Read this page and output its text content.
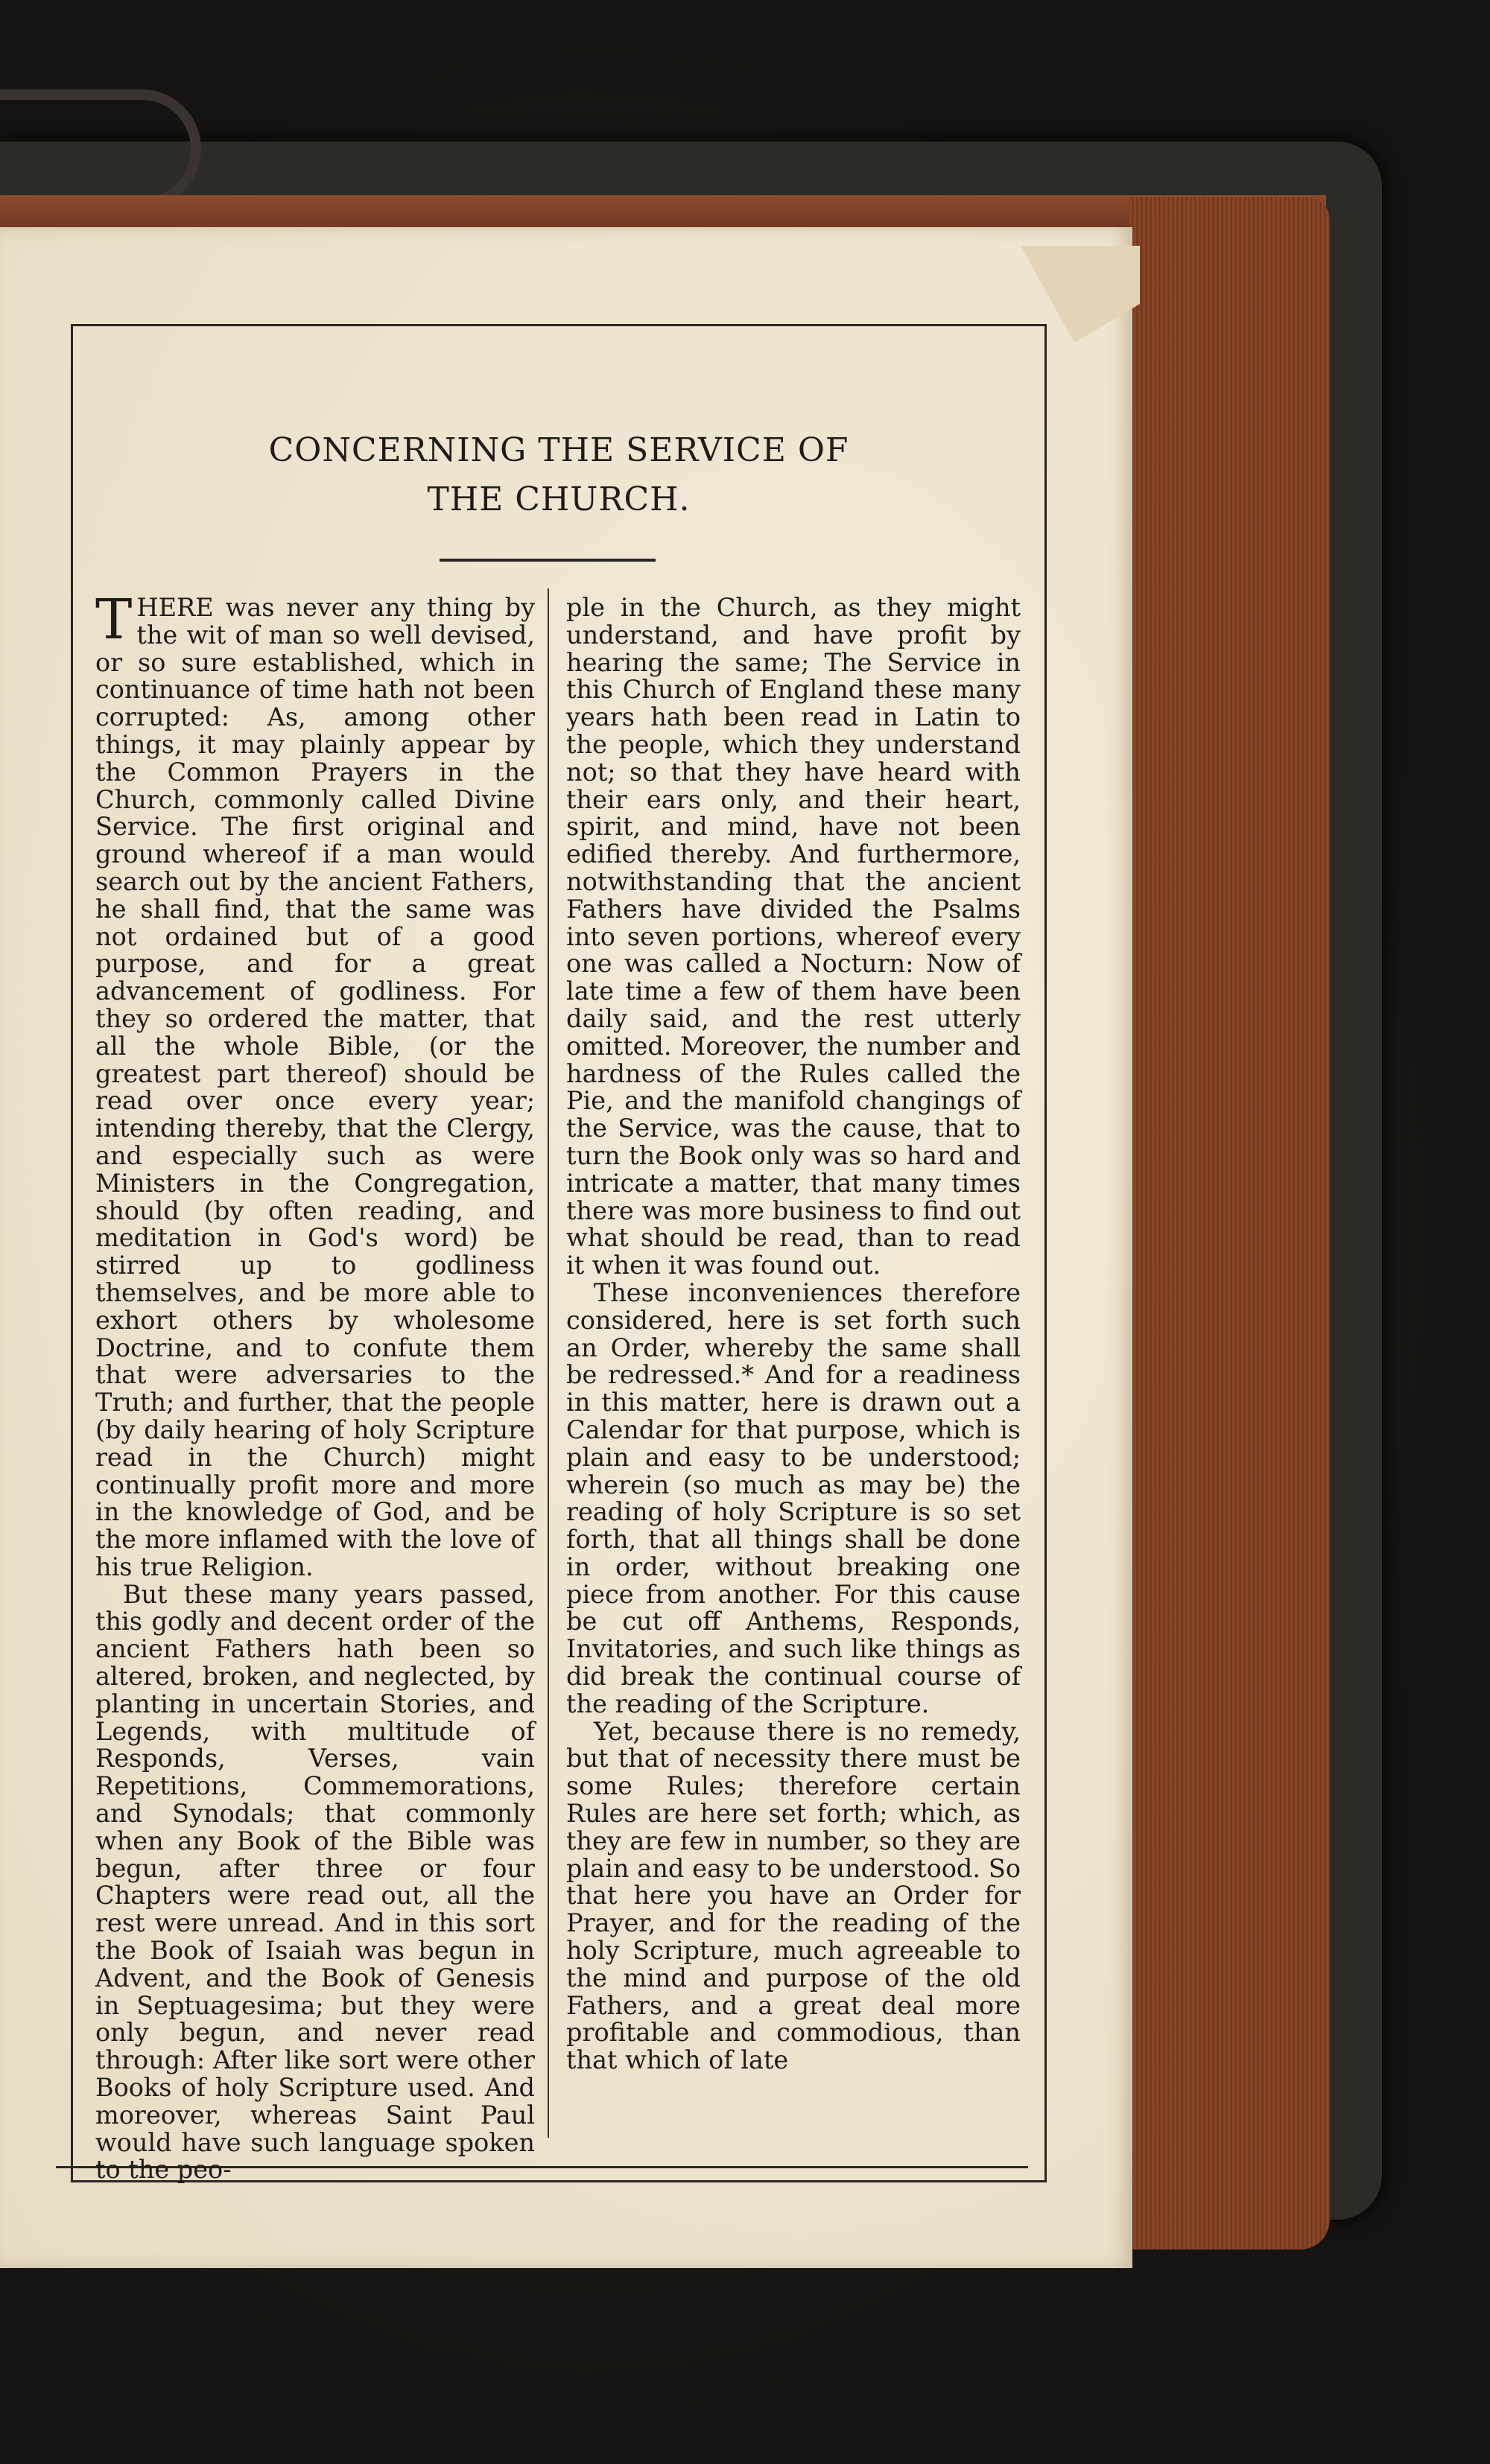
CONCERNING THE SERVICE OF
THE CHURCH.

THERE was never any thing by the wit of man so well devised, or so sure established, which in continuance of time hath not been corrupted: As, among other things, it may plainly appear by the Common Prayers in the Church, commonly called Divine Service. The first original and ground whereof if a man would search out by the ancient Fathers, he shall find, that the same was not ordained but of a good purpose, and for a great advancement of godliness. For they so ordered the matter, that all the whole Bible, (or the greatest part thereof) should be read over once every year; intending thereby, that the Clergy, and especially such as were Ministers in the Congregation, should (by often reading, and meditation in God's word) be stirred up to godliness themselves, and be more able to exhort others by wholesome Doctrine, and to confute them that were adversaries to the Truth; and further, that the people (by daily hearing of holy Scripture read in the Church) might continually profit more and more in the knowledge of God, and be the more inflamed with the love of his true Religion.

But these many years passed, this godly and decent order of the ancient Fathers hath been so altered, broken, and neglected, by planting in uncertain Stories, and Legends, with multitude of Responds, Verses, vain Repetitions, Commemorations, and Synodals; that commonly when any Book of the Bible was begun, after three or four Chapters were read out, all the rest were unread. And in this sort the Book of Isaiah was begun in Advent, and the Book of Genesis in Septuagesima; but they were only begun, and never read through: After like sort were other Books of holy Scripture used. And moreover, whereas Saint Paul would have such language spoken to the peo-

ple in the Church, as they might understand, and have profit by hearing the same; The Service in this Church of England these many years hath been read in Latin to the people, which they understand not; so that they have heard with their ears only, and their heart, spirit, and mind, have not been edified thereby. And furthermore, notwithstanding that the ancient Fathers have divided the Psalms into seven portions, whereof every one was called a Nocturn: Now of late time a few of them have been daily said, and the rest utterly omitted. Moreover, the number and hardness of the Rules called the Pie, and the manifold changings of the Service, was the cause, that to turn the Book only was so hard and intricate a matter, that many times there was more business to find out what should be read, than to read it when it was found out.

These inconveniences therefore considered, here is set forth such an Order, whereby the same shall be redressed.* And for a readiness in this matter, here is drawn out a Calendar for that purpose, which is plain and easy to be understood; wherein (so much as may be) the reading of holy Scripture is so set forth, that all things shall be done in order, without breaking one piece from another. For this cause be cut off Anthems, Responds, Invitatories, and such like things as did break the continual course of the reading of the Scripture.

Yet, because there is no remedy, but that of necessity there must be some Rules; therefore certain Rules are here set forth; which, as they are few in number, so they are plain and easy to be understood. So that here you have an Order for Prayer, and for the reading of the holy Scripture, much agreeable to the mind and purpose of the old Fathers, and a great deal more profitable and commodious, than that which of late
